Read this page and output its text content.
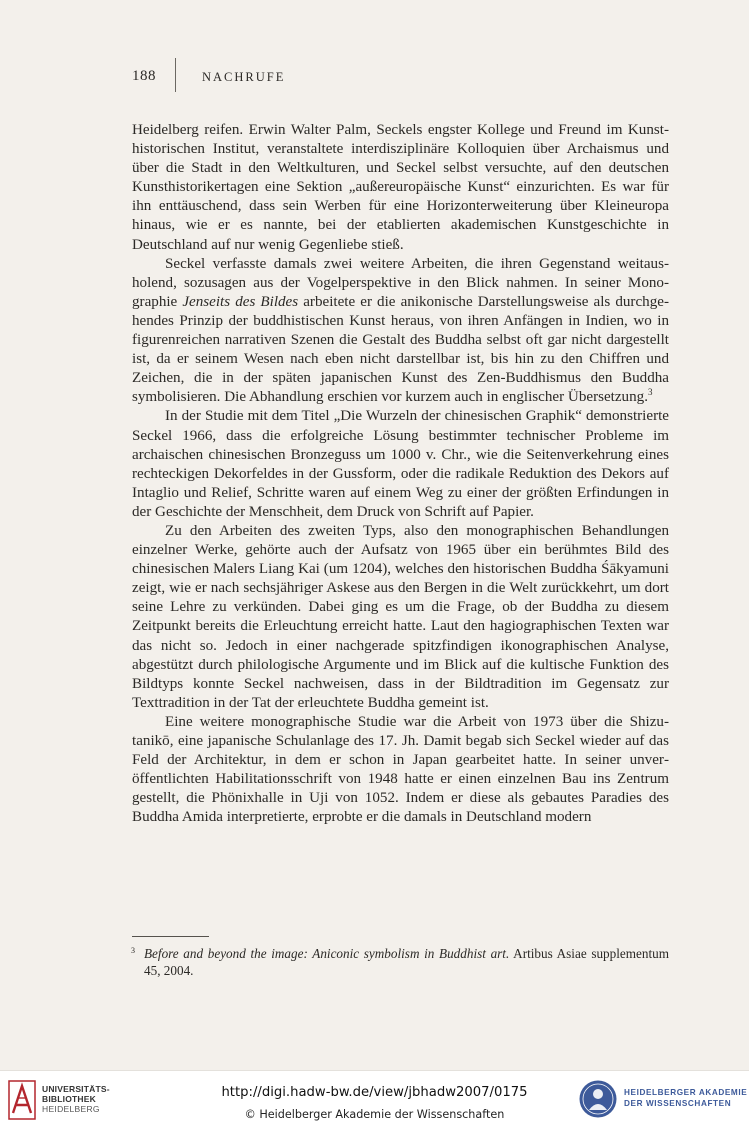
188	NACHRUFE

Heidelberg reifen. Erwin Walter Palm, Seckels engster Kollege und Freund im Kunsthistorischen Institut, veranstaltete interdisziplinäre Kolloquien über Archaismus und über die Stadt in den Weltkulturen, und Seckel selbst versuchte, auf den deutschen Kunsthistorikertagen eine Sektion „außereuropäische Kunst“ einzurichten. Es war für ihn enttäuschend, dass sein Werben für eine Horizonterweiterung über Kleineuropa hinaus, wie er es nannte, bei der etablierten akademischen Kunstgeschichte in Deutschland auf nur wenig Gegenliebe stieß.

Seckel verfasste damals zwei weitere Arbeiten, die ihren Gegenstand weitausholend, sozusagen aus der Vogelperspektive in den Blick nahmen. In seiner Monographie Jenseits des Bildes arbeitete er die anikonische Darstellungsweise als durchgehendes Prinzip der buddhistischen Kunst heraus, von ihren Anfängen in Indien, wo in figurenreichen narrativen Szenen die Gestalt des Buddha selbst oft gar nicht dargestellt ist, da er seinem Wesen nach eben nicht darstellbar ist, bis hin zu den Chiffren und Zeichen, die in der späten japanischen Kunst des Zen-Buddhismus den Buddha symbolisieren. Die Abhandlung erschien vor kurzem auch in englischer Übersetzung.$^3$

In der Studie mit dem Titel „Die Wurzeln der chinesischen Graphik“ demonstrierte Seckel 1966, dass die erfolgreiche Lösung bestimmter technischer Probleme im archaischen chinesischen Bronzeguss um 1000 v. Chr., wie die Seitenverkehrung eines rechteckigen Dekorfeldes in der Gussform, oder die radikale Reduktion des Dekors auf Intaglio und Relief, Schritte waren auf einem Weg zu einer der größten Erfindungen in der Geschichte der Menschheit, dem Druck von Schrift auf Papier.

Zu den Arbeiten des zweiten Typs, also den monographischen Behandlungen einzelner Werke, gehörte auch der Aufsatz von 1965 über ein berühmtes Bild des chinesischen Malers Liang Kai (um 1204), welches den historischen Buddha Śākyamuni zeigt, wie er nach sechsjähriger Askese aus den Bergen in die Welt zurückkehrt, um dort seine Lehre zu verkünden. Dabei ging es um die Frage, ob der Buddha zu diesem Zeitpunkt bereits die Erleuchtung erreicht hatte. Laut den hagiographischen Texten war das nicht so. Jedoch in einer nachgerade spitzfindigen ikonographischen Analyse, abgestützt durch philologische Argumente und im Blick auf die kultische Funktion des Bildtyps konnte Seckel nachweisen, dass in der Bildtradition im Gegensatz zur Texttradition in der Tat der erleuchtete Buddha gemeint ist.

Eine weitere monographische Studie war die Arbeit von 1973 über die Shizutanikō, eine japanische Schulanlage des 17. Jh. Damit begab sich Seckel wieder auf das Feld der Architektur, in dem er schon in Japan gearbeitet hatte. In seiner unveröffentlichten Habilitationsschrift von 1948 hatte er einen einzelnen Bau ins Zentrum gestellt, die Phönixhalle in Uji von 1052. Indem er diese als gebautes Paradies des Buddha Amida interpretierte, erprobte er die damals in Deutschland modern

3 Before and beyond the image: Aniconic symbolism in Buddhist art. Artibus Asiae supplementum 45, 2004.
UNIVERSITÄTS-
BIBLIOTHEK
HEIDELBERG
http://digi.hadw-bw.de/view/jbhadw2007/0175
© Heidelberger Akademie der Wissenschaften
HEIDELBERGER AKADEMIE
DER WISSENSCHAFTEN
